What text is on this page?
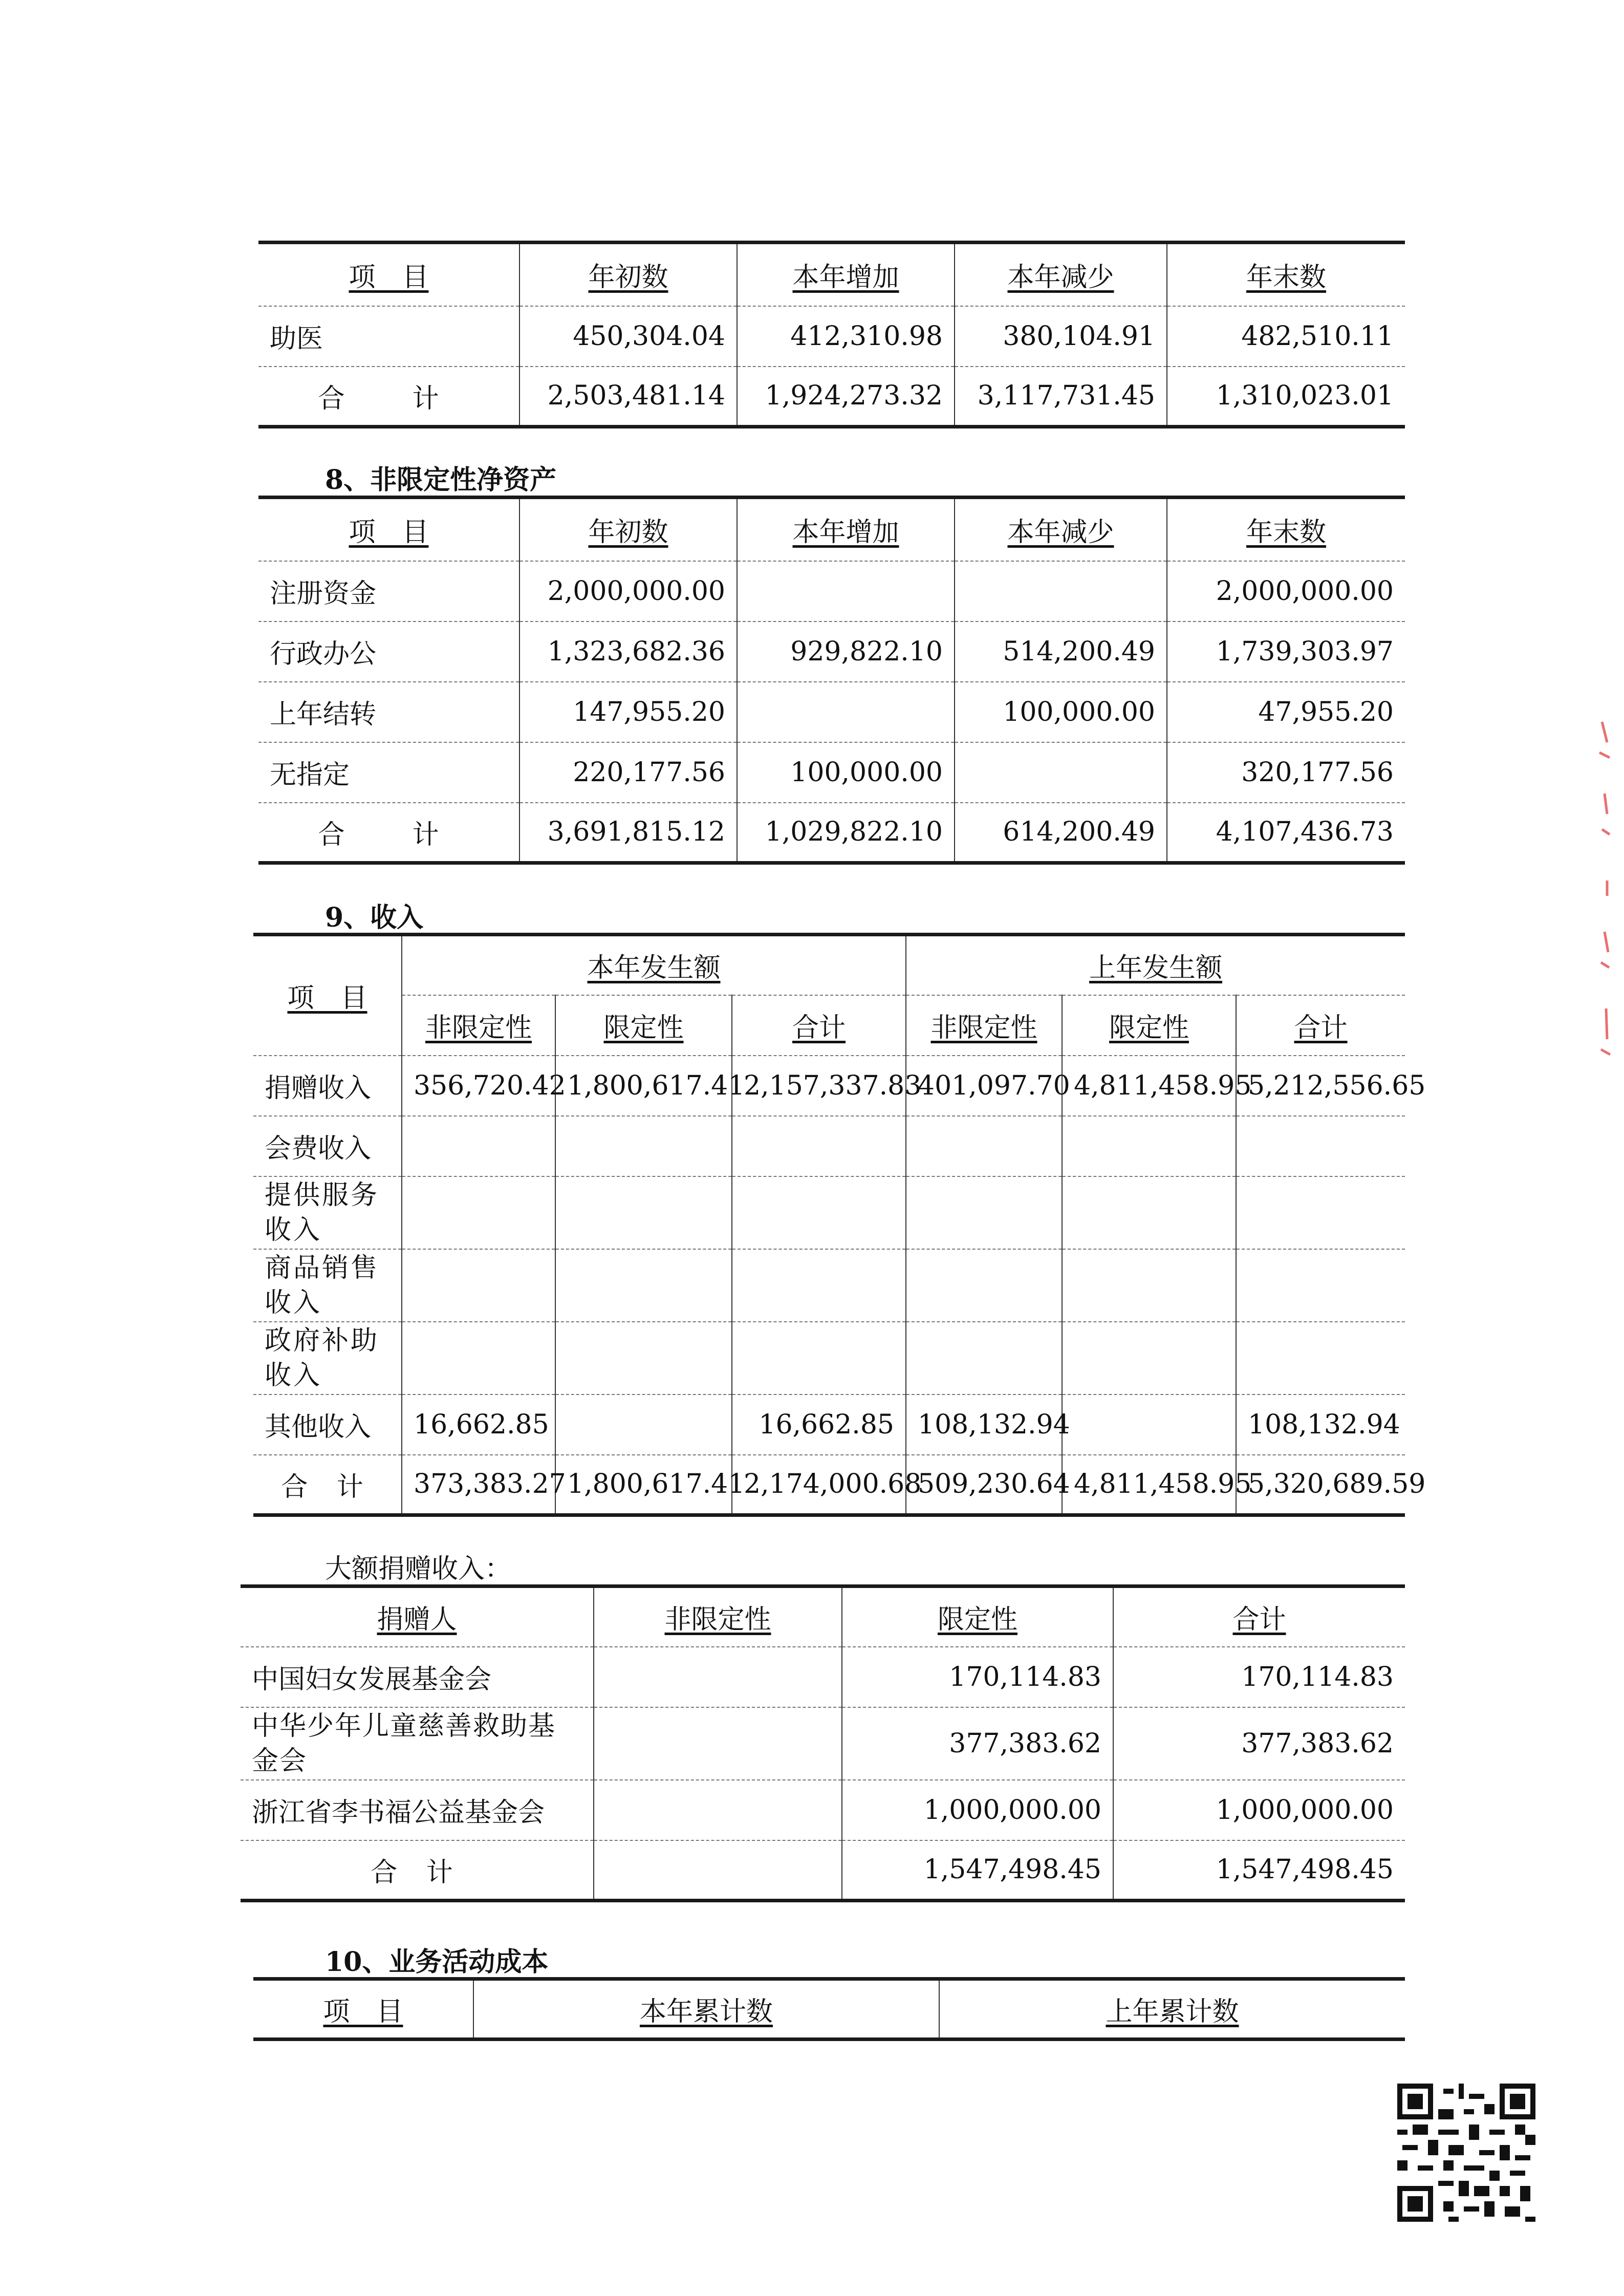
项　目	年初数	本年增加	本年减少	年末数
助医	450,304.04	412,310.98	380,104.91	482,510.11
合　计	2,503,481.14	1,924,273.32	3,117,731.45	1,310,023.01
8、非限定性净资产
项　目	年初数	本年增加	本年减少	年末数
注册资金	2,000,000.00			2,000,000.00
行政办公	1,323,682.36	929,822.10	514,200.49	1,739,303.97
上年结转	147,955.20		100,000.00	47,955.20
无指定	220,177.56	100,000.00		320,177.56
合　计	3,691,815.12	1,029,822.10	614,200.49	4,107,436.73
9、收入
项　目	本年发生额			上年发生额		
	非限定性	限定性	合计	非限定性	限定性	合计
捐赠收入	356,720.42	1,800,617.41	2,157,337.83	401,097.70	4,811,458.95	5,212,556.65
会费收入						
提供服务收入						
商品销售收入						
政府补助收入						
其他收入	16,662.85		16,662.85	108,132.94		108,132.94
合 计	373,383.27	1,800,617.41	2,174,000.68	509,230.64	4,811,458.95	5,320,689.59
大额捐赠收入：
捐赠人	非限定性	限定性	合计
中国妇女发展基金会		170,114.83	170,114.83
中华少年儿童慈善救助基金会		377,383.62	377,383.62
浙江省李书福公益基金会		1,000,000.00	1,000,000.00
合 计		1,547,498.45	1,547,498.45
10、业务活动成本
项　目	本年累计数	上年累计数
